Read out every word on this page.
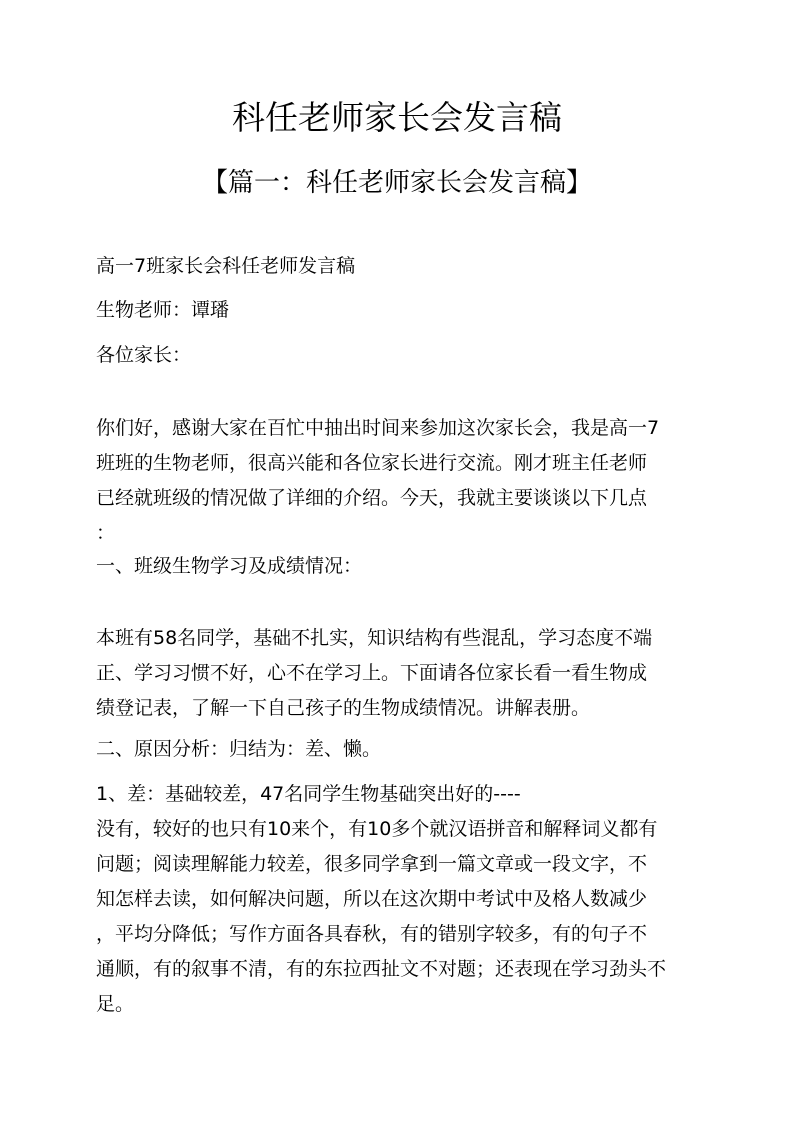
科任老师家长会发言稿
【篇一：科任老师家长会发言稿】
高一7班家长会科任老师发言稿
生物老师：谭璠
各位家长：

你们好，感谢大家在百忙中抽出时间来参加这次家长会，我是高一7

班班的生物老师，很高兴能和各位家长进行交流。刚才班主任老师

已经就班级的情况做了详细的介绍。今天，我就主要谈谈以下几点

：

一、班级生物学习及成绩情况：

本班有58名同学，基础不扎实，知识结构有些混乱，学习态度不端

正、学习习惯不好，心不在学习上。下面请各位家长看一看生物成

绩登记表，了解一下自己孩子的生物成绩情况。讲解表册。

二、原因分析：归结为：差、懒。

1、差：基础较差，47名同学生物基础突出好的----

没有，较好的也只有10来个，有10多个就汉语拼音和解释词义都有

问题；阅读理解能力较差，很多同学拿到一篇文章或一段文字，不

知怎样去读，如何解决问题，所以在这次期中考试中及格人数减少

，平均分降低；写作方面各具春秋，有的错别字较多，有的句子不

通顺，有的叙事不清，有的东拉西扯文不对题；还表现在学习劲头不

足。
